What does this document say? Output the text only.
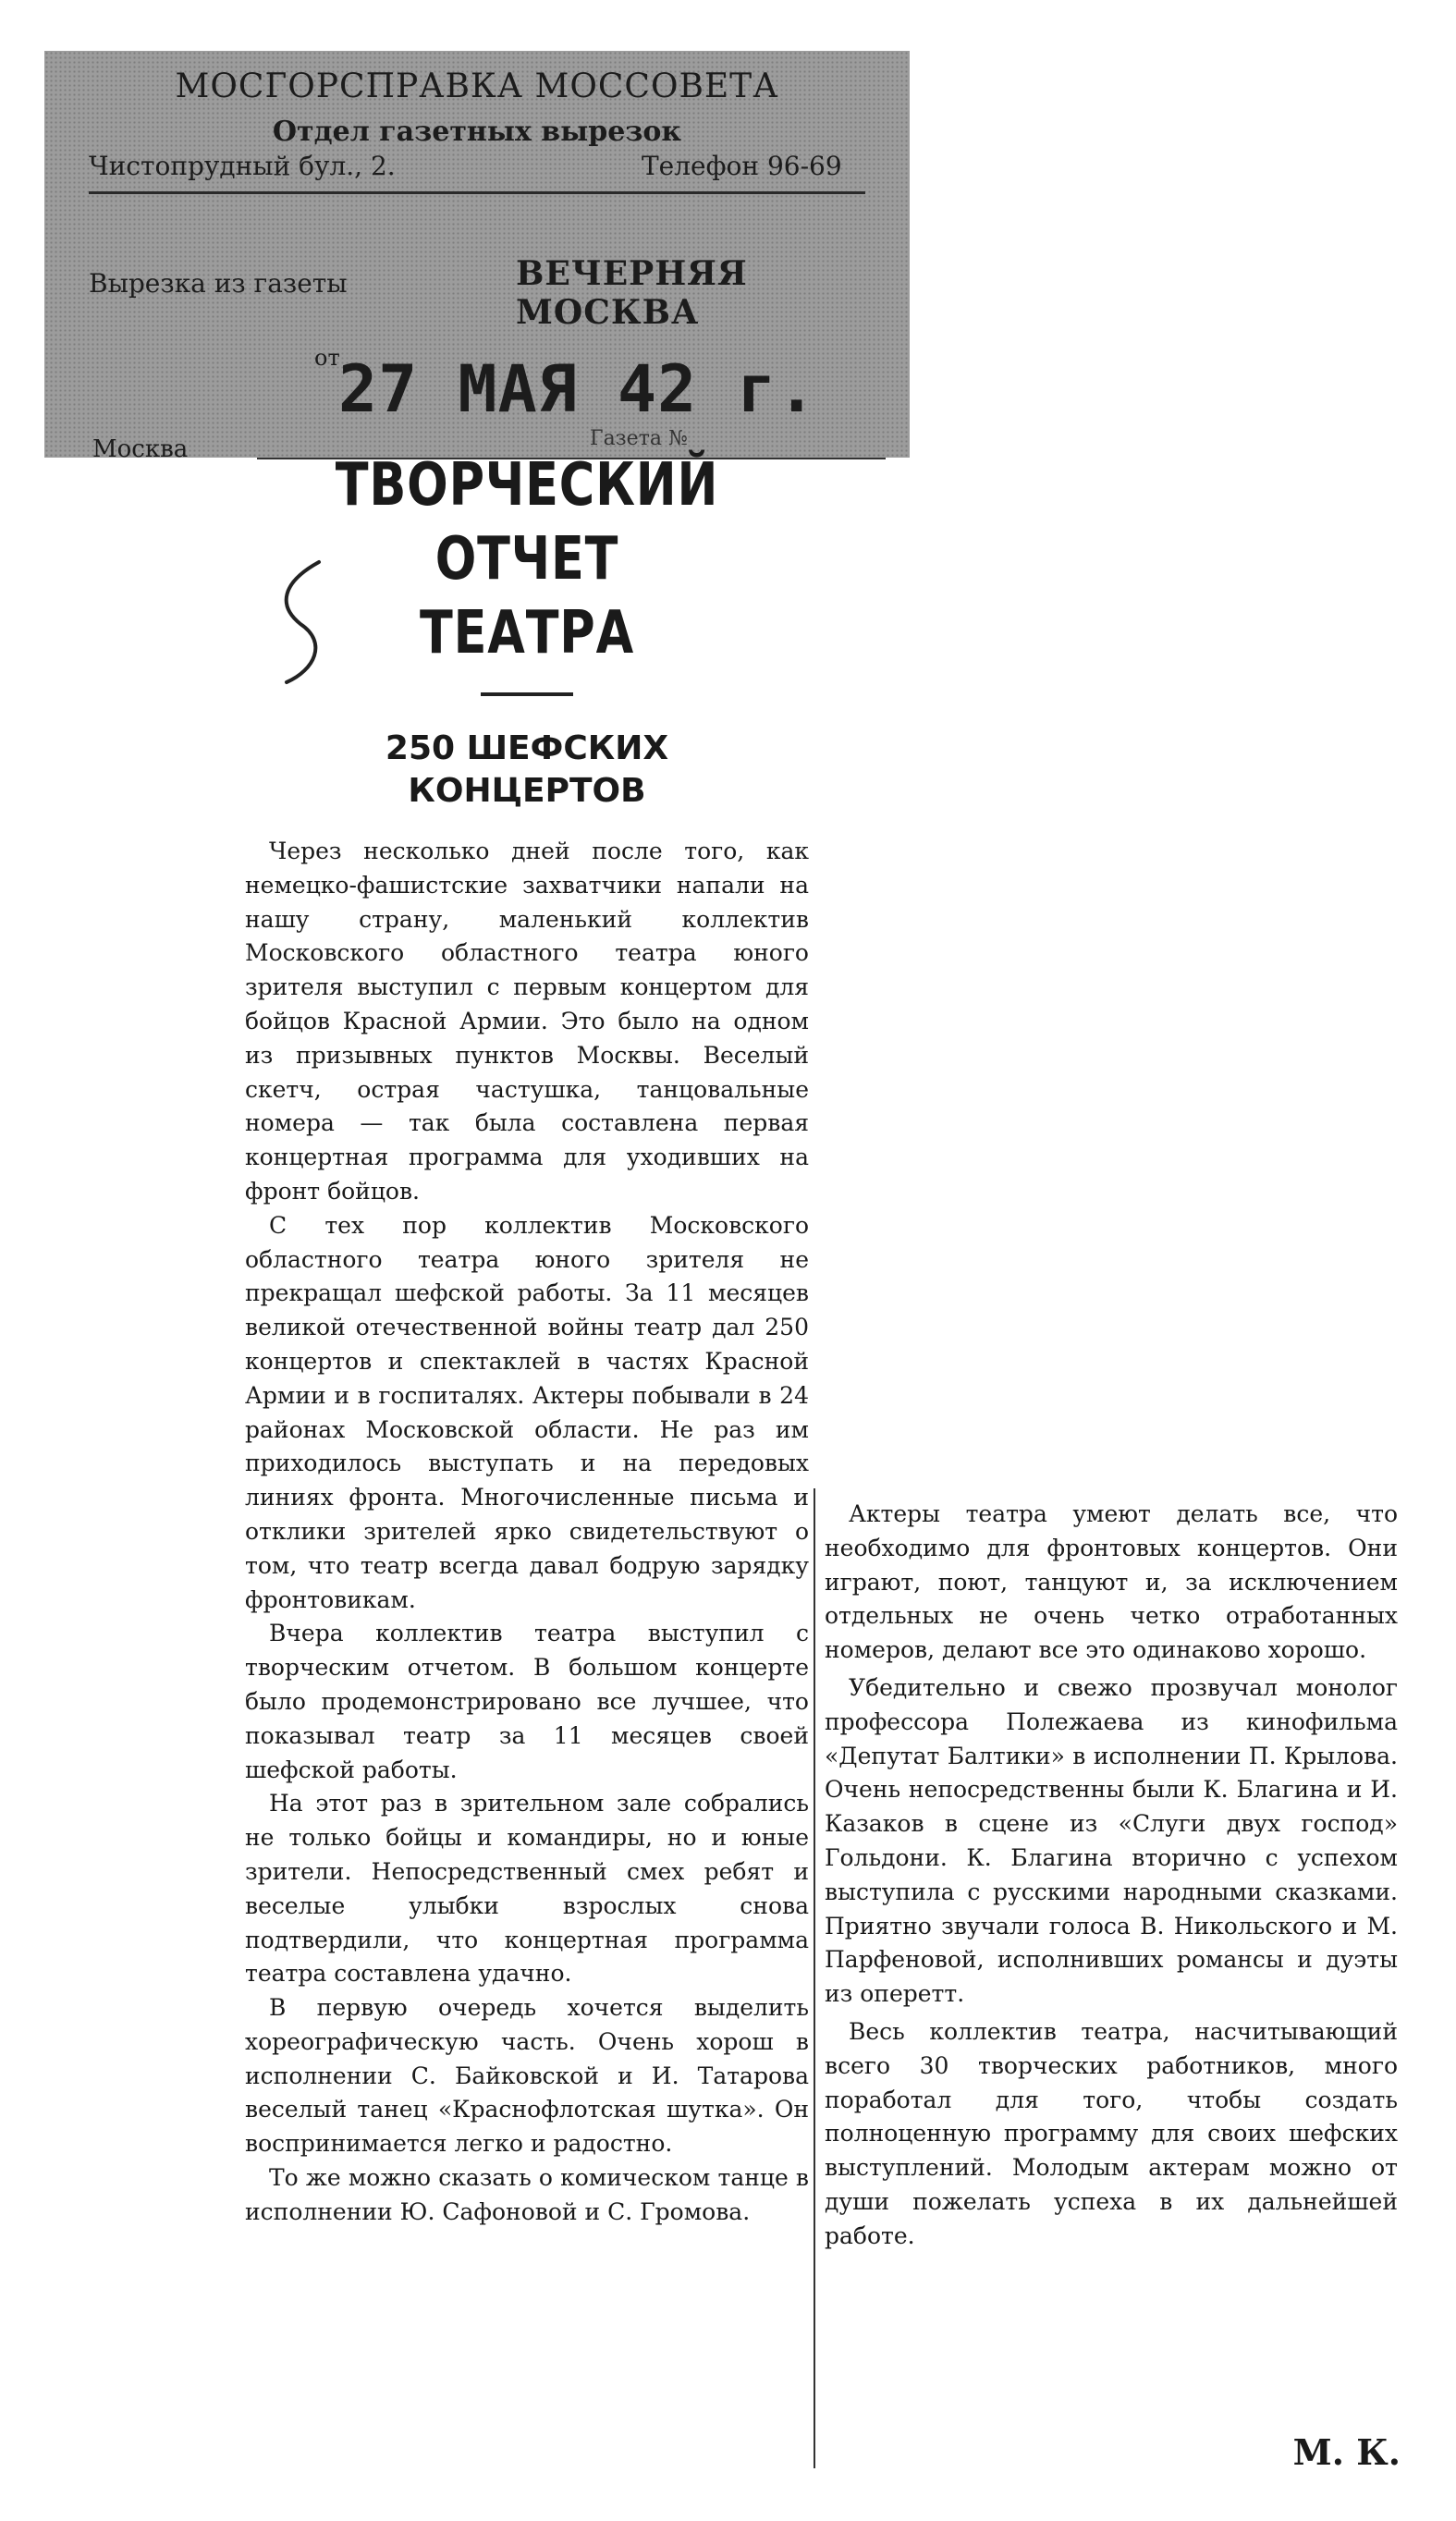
МОСГОРСПРАВКА МОССОВЕТА
Отдел газетных вырезок
Чистопрудный бул., 2.	Телефон 96-69
Вырезка из газеты	ВЕЧЕРНЯЯ МОСКВА
от
27 МАЯ 42 г.
Москва	Газета №
ТВОРЧЕСКИЙ
ОТЧЕТ
ТЕАТРА
250 ШЕФСКИХ
КОНЦЕРТОВ

Через несколько дней после того, как немецко-фашистские захватчики напали на нашу страну, маленький коллектив Московского областного театра юного зрителя выступил с первым концертом для бойцов Красной Армии. Это было на одном из призывных пунктов Москвы. Веселый скетч, острая частушка, танцовальные номера — так была составлена первая концертная программа для уходивших на фронт бойцов.

С тех пор коллектив Московского областного театра юного зрителя не прекращал шефской работы. За 11 месяцев великой отечественной войны театр дал 250 концертов и спектаклей в частях Красной Армии и в госпиталях. Актеры побывали в 24 районах Московской области. Не раз им приходилось выступать и на передовых линиях фронта. Многочисленные письма и отклики зрителей ярко свидетельствуют о том, что театр всегда давал бодрую зарядку фронтовикам.

Вчера коллектив театра выступил с творческим отчетом. В большом концерте было продемонстрировано все лучшее, что показывал театр за 11 месяцев своей шефской работы.

На этот раз в зрительном зале собрались не только бойцы и командиры, но и юные зрители. Непосредственный смех ребят и веселые улыбки взрослых снова подтвердили, что концертная программа театра составлена удачно.

В первую очередь хочется выделить хореографическую часть. Очень хорош в исполнении С. Байковской и И. Татарова веселый танец «Краснофлотская шутка». Он воспринимается легко и радостно.

То же можно сказать о комическом танце в исполнении Ю. Сафоновой и С. Громова.

Актеры театра умеют делать все, что необходимо для фронтовых концертов. Они играют, поют, танцуют и, за исключением отдельных не очень четко отработанных номеров, делают все это одинаково хорошо.

Убедительно и свежо прозвучал монолог профессора Полежаева из кинофильма «Депутат Балтики» в исполнении П. Крылова. Очень непосредственны были К. Благина и И. Казаков в сцене из «Слуги двух господ» Гольдони. К. Благина вторично с успехом выступила с русскими народными сказками. Приятно звучали голоса В. Никольского и М. Парфеновой, исполнивших романсы и дуэты из оперетт.

Весь коллектив театра, насчитывающий всего 30 творческих работников, много поработал для того, чтобы создать полноценную программу для своих шефских выступлений. Молодым актерам можно от души пожелать успеха в их дальнейшей работе.

М. К.
